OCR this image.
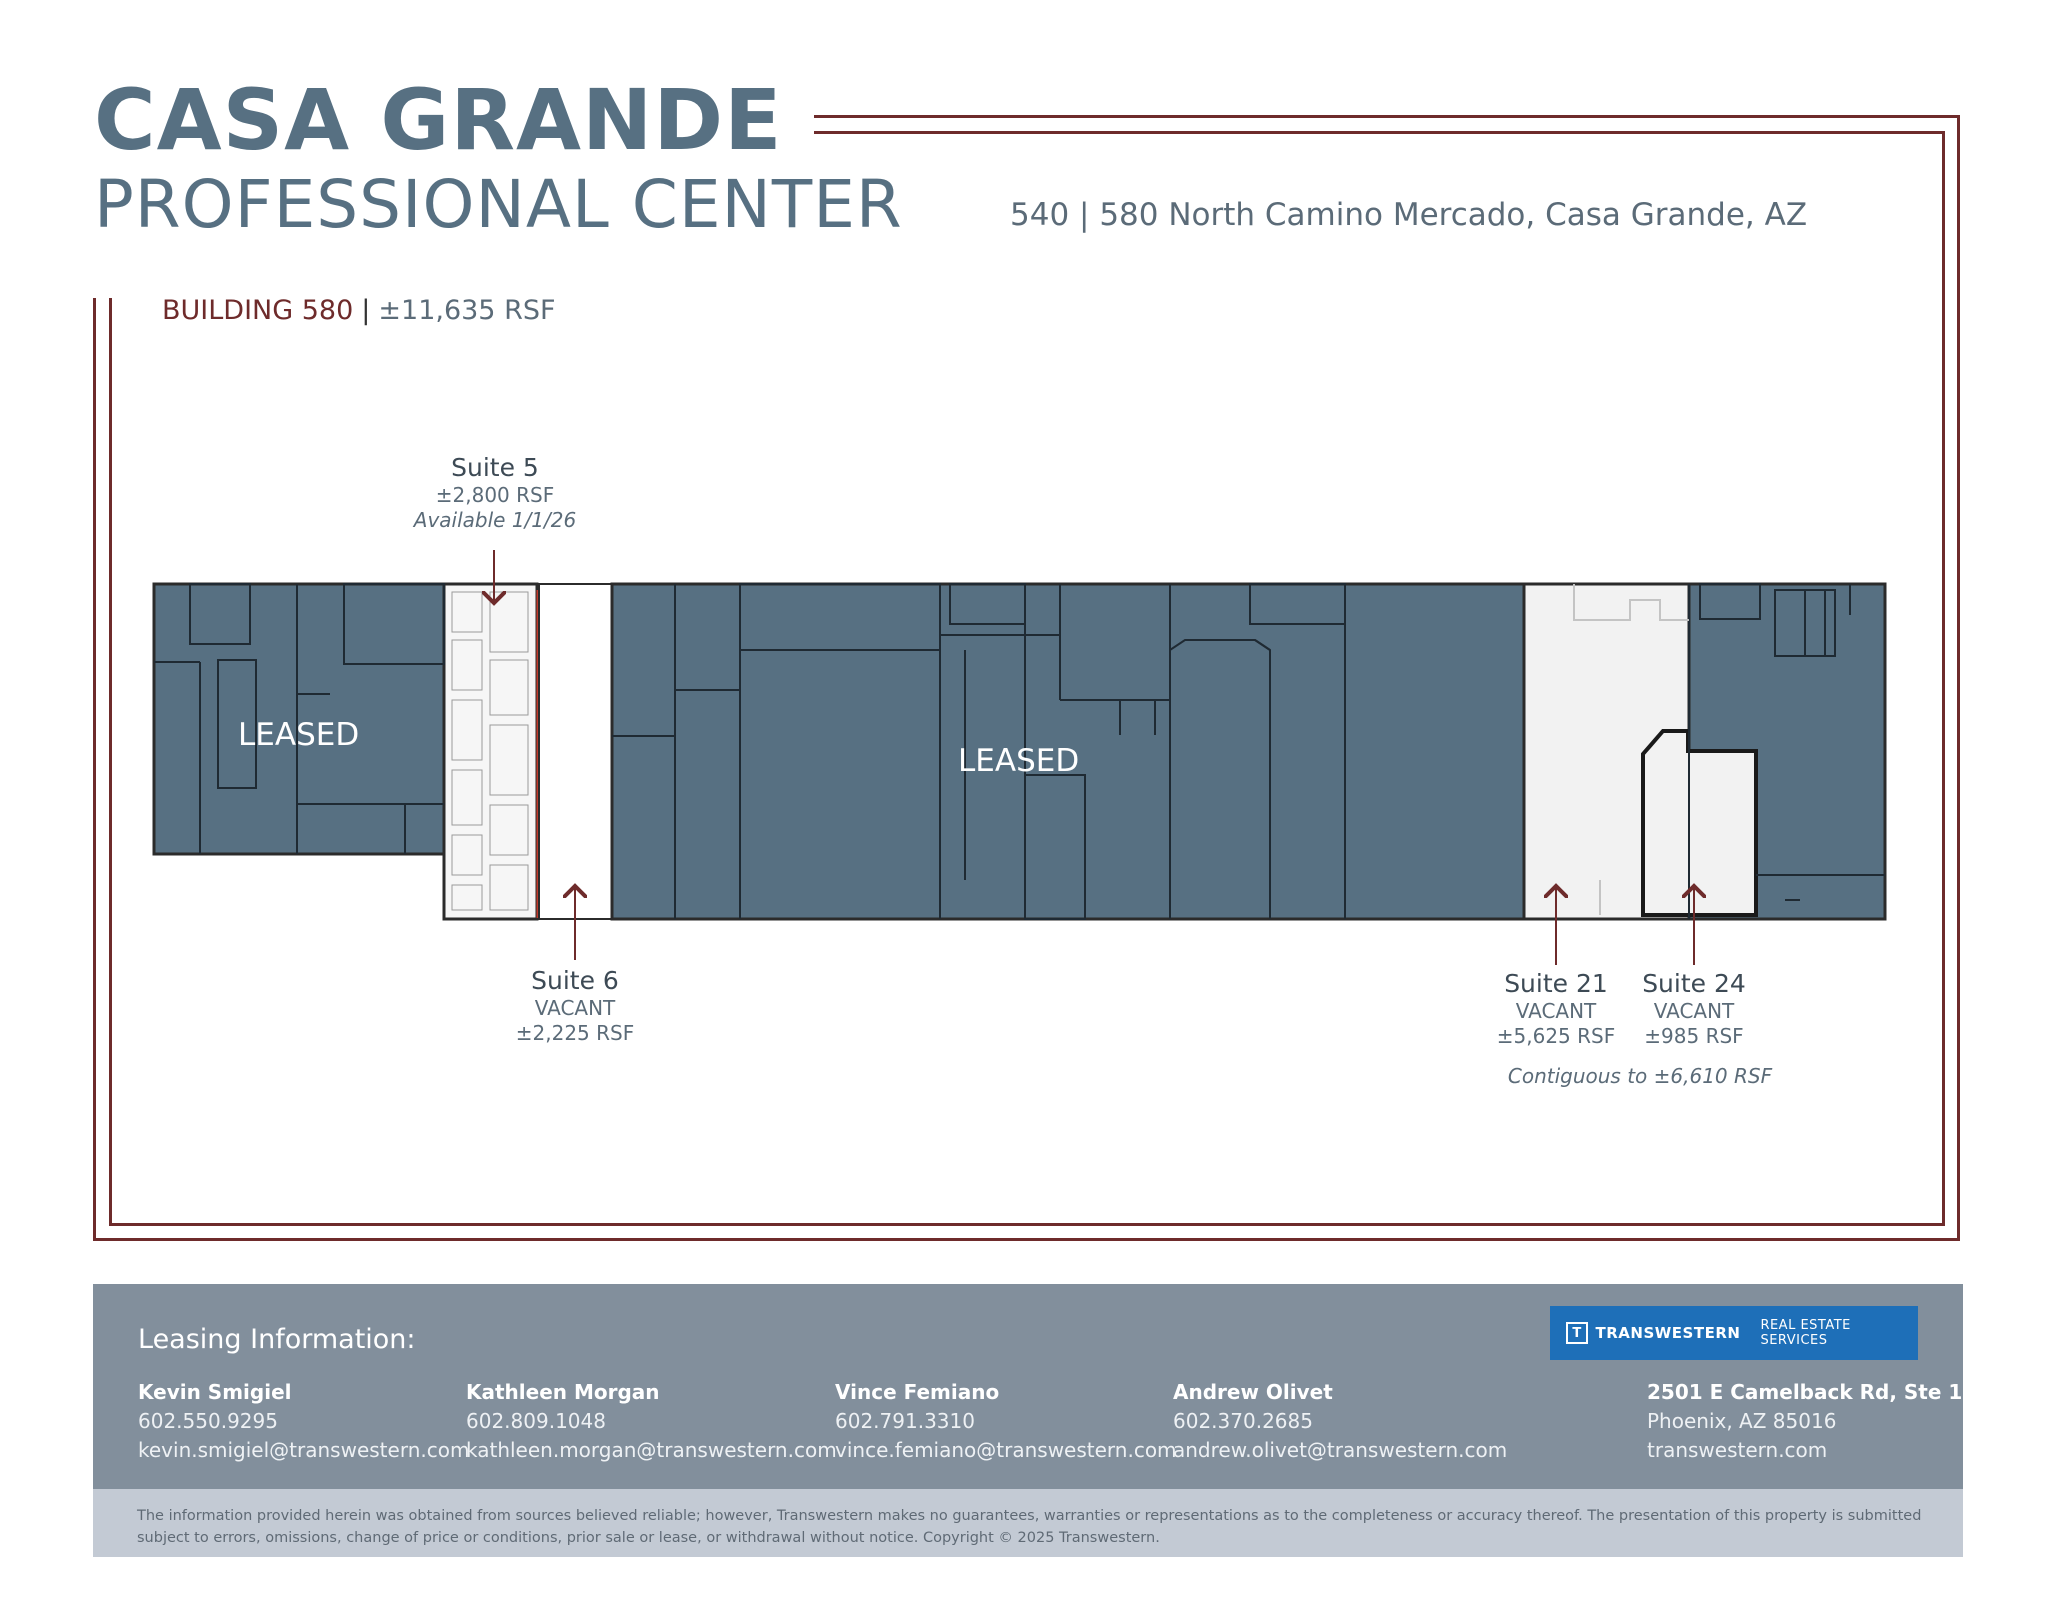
CASA GRANDE
PROFESSIONAL CENTER	540 | 580 North Camino Mercado, Casa Grande, AZ
BUILDING 580 | ±11,635 RSF
LEASED
LEASED
Suite 5
±2,800 RSF
Available 1/1/26
Suite 6
VACANT
±2,225 RSF
Suite 21
VACANT
±5,625 RSF
Suite 24
VACANT
±985 RSF
Contiguous to ±6,610 RSF
Leasing Information:
Kevin Smigiel
602.550.9295
kevin.smigiel@transwestern.com
Kathleen Morgan
602.809.1048
kathleen.morgan@transwestern.com
Vince Femiano
602.791.3310
vince.femiano@transwestern.com
Andrew Olivet
602.370.2685
andrew.olivet@transwestern.com
T TRANSWESTERN REAL ESTATE SERVICES
2501 E Camelback Rd, Ste 1
Phoenix, AZ 85016
transwestern.com
The information provided herein was obtained from sources believed reliable; however, Transwestern makes no guarantees, warranties or representations as to the completeness or accuracy thereof. The presentation of this property is submitted subject to errors, omissions, change of price or conditions, prior sale or lease, or withdrawal without notice. Copyright © 2025 Transwestern.
